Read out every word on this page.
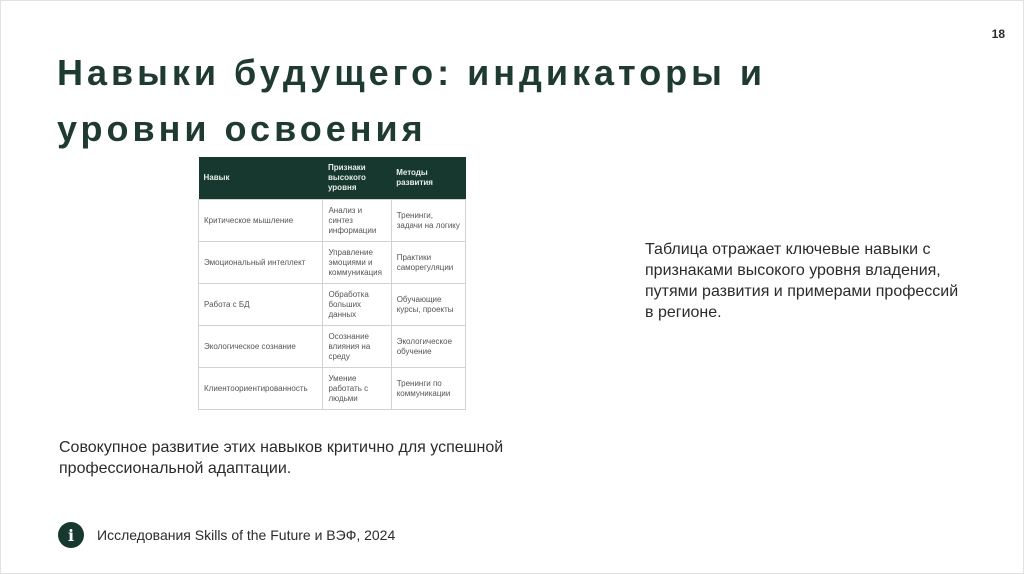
18
Навыки будущего: индикаторы и уровни освоения
Навык	Признаки высокого уровня	Методы развития
Критическое мышление	Анализ и синтез информации	Тренинги, задачи на логику
Эмоциональный интеллект	Управление эмоциями и коммуникация	Практики саморегуляции
Работа с БД	Обработка больших данных	Обучающие курсы, проекты
Экологическое сознание	Осознание влияния на среду	Экологическое обучение
Клиентоориентированность	Умение работать с людьми	Тренинги по коммуникации

Таблица отражает ключевые навыки с признаками высокого уровня владения, путями развития и примерами профессий в регионе.

Совокупное развитие этих навыков критично для успешной профессиональной адаптации.

i	Исследования Skills of the Future и ВЭФ, 2024
